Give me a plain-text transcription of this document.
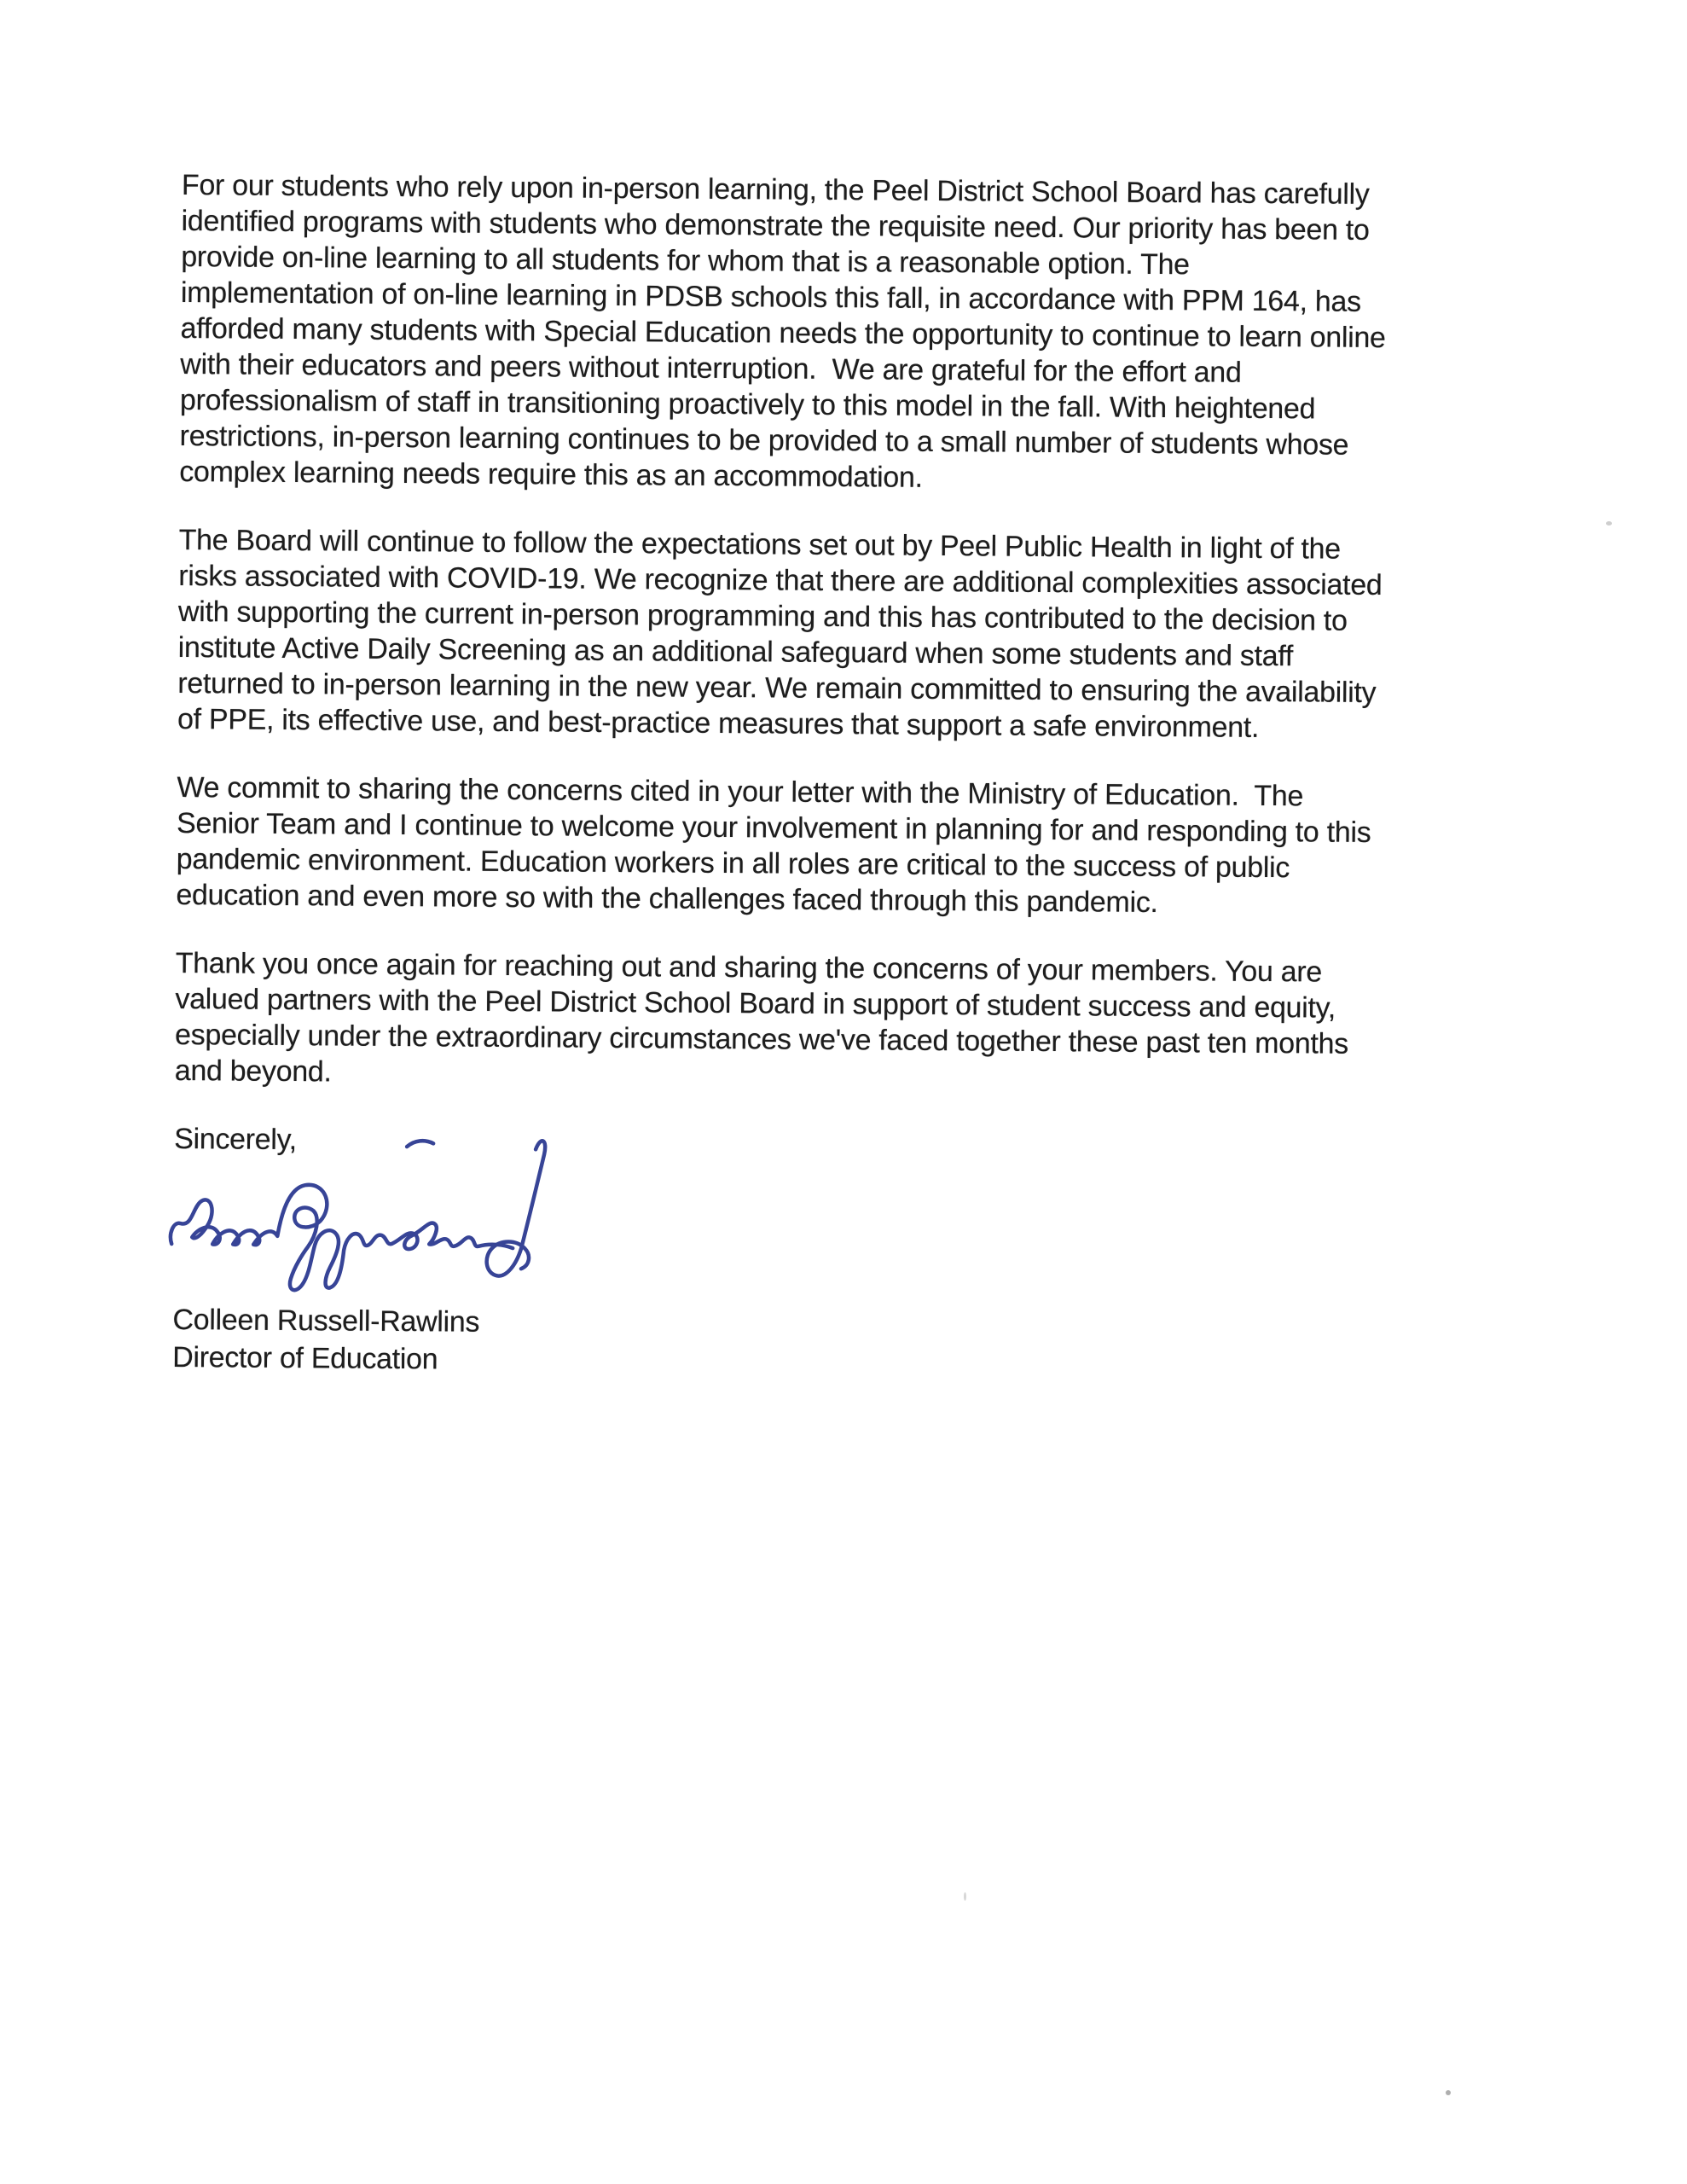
For our students who rely upon in-person learning, the Peel District School Board has carefully
identified programs with students who demonstrate the requisite need. Our priority has been to
provide on-line learning to all students for whom that is a reasonable option. The
implementation of on-line learning in PDSB schools this fall, in accordance with PPM 164, has
afforded many students with Special Education needs the opportunity to continue to learn online
with their educators and peers without interruption.  We are grateful for the effort and
professionalism of staff in transitioning proactively to this model in the fall. With heightened
restrictions, in-person learning continues to be provided to a small number of students whose
complex learning needs require this as an accommodation.
The Board will continue to follow the expectations set out by Peel Public Health in light of the
risks associated with COVID-19. We recognize that there are additional complexities associated
with supporting the current in-person programming and this has contributed to the decision to
institute Active Daily Screening as an additional safeguard when some students and staff
returned to in-person learning in the new year. We remain committed to ensuring the availability
of PPE, its effective use, and best-practice measures that support a safe environment.
We commit to sharing the concerns cited in your letter with the Ministry of Education.  The
Senior Team and I continue to welcome your involvement in planning for and responding to this
pandemic environment. Education workers in all roles are critical to the success of public
education and even more so with the challenges faced through this pandemic.
Thank you once again for reaching out and sharing the concerns of your members. You are
valued partners with the Peel District School Board in support of student success and equity,
especially under the extraordinary circumstances we've faced together these past ten months
and beyond.
Sincerely,
Colleen Russell-Rawlins
Director of Education
